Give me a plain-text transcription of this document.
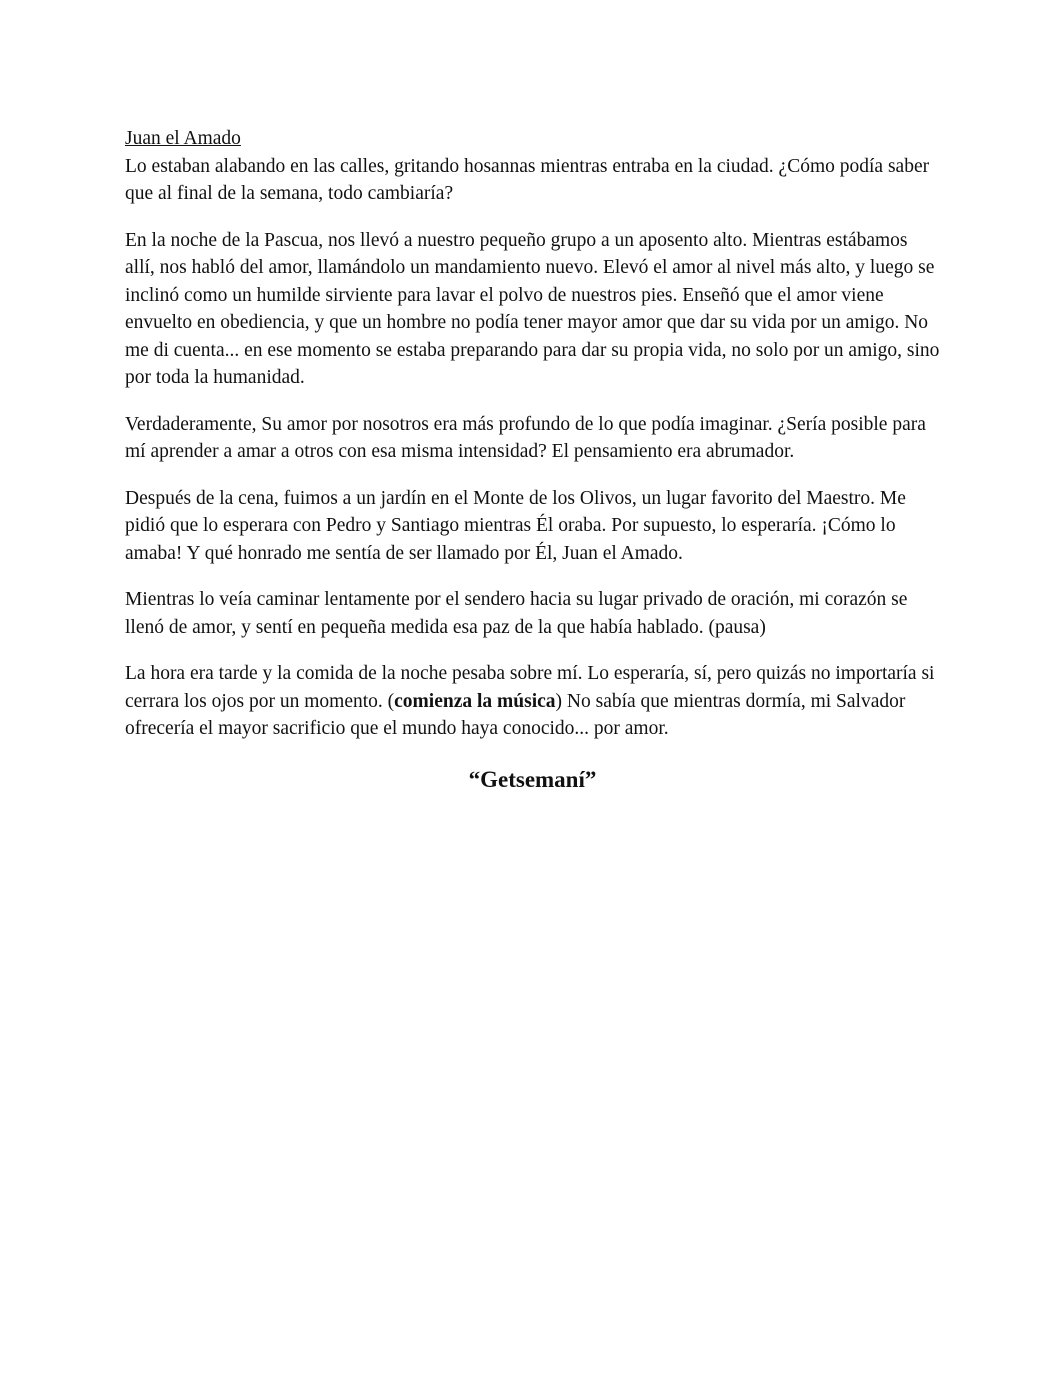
Juan el Amado

Lo estaban alabando en las calles, gritando hosannas mientras entraba en la ciudad. ¿Cómo podía saber que al final de la semana, todo cambiaría?

En la noche de la Pascua, nos llevó a nuestro pequeño grupo a un aposento alto. Mientras estábamos allí, nos habló del amor, llamándolo un mandamiento nuevo. Elevó el amor al nivel más alto, y luego se inclinó como un humilde sirviente para lavar el polvo de nuestros pies. Enseñó que el amor viene envuelto en obediencia, y que un hombre no podía tener mayor amor que dar su vida por un amigo. No me di cuenta... en ese momento se estaba preparando para dar su propia vida, no solo por un amigo, sino por toda la humanidad.

Verdaderamente, Su amor por nosotros era más profundo de lo que podía imaginar. ¿Sería posible para mí aprender a amar a otros con esa misma intensidad? El pensamiento era abrumador.

Después de la cena, fuimos a un jardín en el Monte de los Olivos, un lugar favorito del Maestro. Me pidió que lo esperara con Pedro y Santiago mientras Él oraba. Por supuesto, lo esperaría. ¡Cómo lo amaba! Y qué honrado me sentía de ser llamado por Él, Juan el Amado.

Mientras lo veía caminar lentamente por el sendero hacia su lugar privado de oración, mi corazón se llenó de amor, y sentí en pequeña medida esa paz de la que había hablado. (pausa)

La hora era tarde y la comida de la noche pesaba sobre mí. Lo esperaría, sí, pero quizás no importaría si cerrara los ojos por un momento. (comienza la música) No sabía que mientras dormía, mi Salvador ofrecería el mayor sacrificio que el mundo haya conocido... por amor.

“Getsemaní”
